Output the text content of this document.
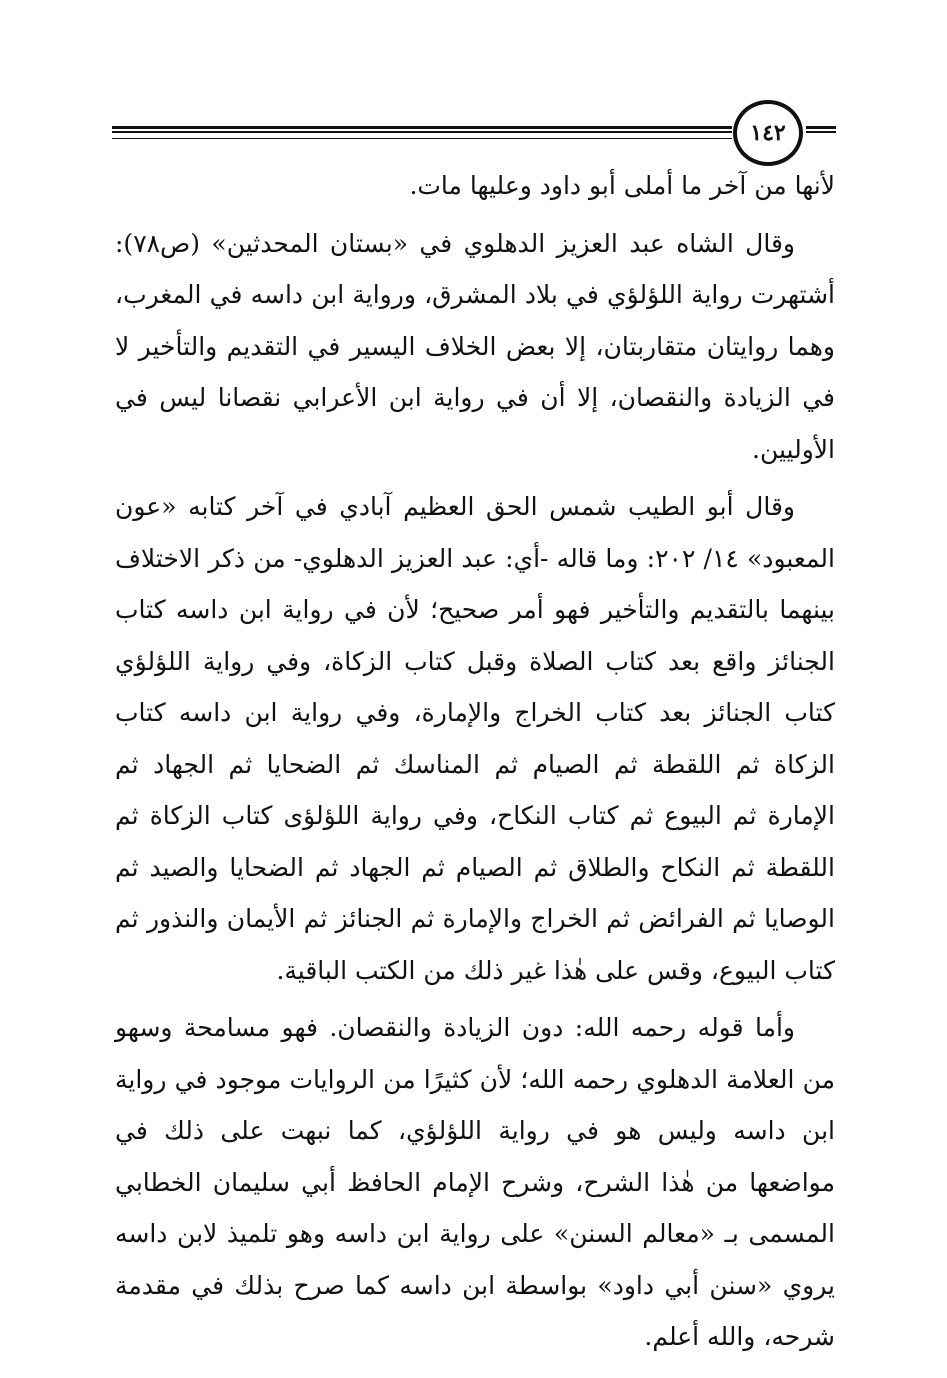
١٤٢

لأنها من آخر ما أملى أبو داود وعليها مات.

وقال الشاه عبد العزيز الدهلوي في «بستان المحدثين» (ص٧٨): أشتهرت رواية اللؤلؤي في بلاد المشرق، ورواية ابن داسه في المغرب، وهما روايتان متقاربتان، إلا بعض الخلاف اليسير في التقديم والتأخير لا في الزيادة والنقصان، إلا أن في رواية ابن الأعرابي نقصانا ليس في الأوليين.

وقال أبو الطيب شمس الحق العظيم آبادي في آخر كتابه «عون المعبود» ١٤/ ٢٠٢: وما قاله -أي: عبد العزيز الدهلوي- من ذكر الاختلاف بينهما بالتقديم والتأخير فهو أمر صحيح؛ لأن في رواية ابن داسه كتاب الجنائز واقع بعد كتاب الصلاة وقبل كتاب الزكاة، وفي رواية اللؤلؤي كتاب الجنائز بعد كتاب الخراج والإمارة، وفي رواية ابن داسه كتاب الزكاة ثم اللقطة ثم الصيام ثم المناسك ثم الضحايا ثم الجهاد ثم الإمارة ثم البيوع ثم كتاب النكاح، وفي رواية اللؤلؤى كتاب الزكاة ثم اللقطة ثم النكاح والطلاق ثم الصيام ثم الجهاد ثم الضحايا والصيد ثم الوصايا ثم الفرائض ثم الخراج والإمارة ثم الجنائز ثم الأيمان والنذور ثم كتاب البيوع، وقس على هٰذا غير ذلك من الكتب الباقية.

وأما قوله رحمه الله: دون الزيادة والنقصان. فهو مسامحة وسهو من العلامة الدهلوي رحمه الله؛ لأن كثيرًا من الروايات موجود في رواية ابن داسه وليس هو في رواية اللؤلؤي، كما نبهت على ذلك في مواضعها من هٰذا الشرح، وشرح الإمام الحافظ أبي سليمان الخطابي المسمى بـ «معالم السنن» على رواية ابن داسه وهو تلميذ لابن داسه يروي «سنن أبي داود» بواسطة ابن داسه كما صرح بذلك في مقدمة شرحه، والله أعلم.
